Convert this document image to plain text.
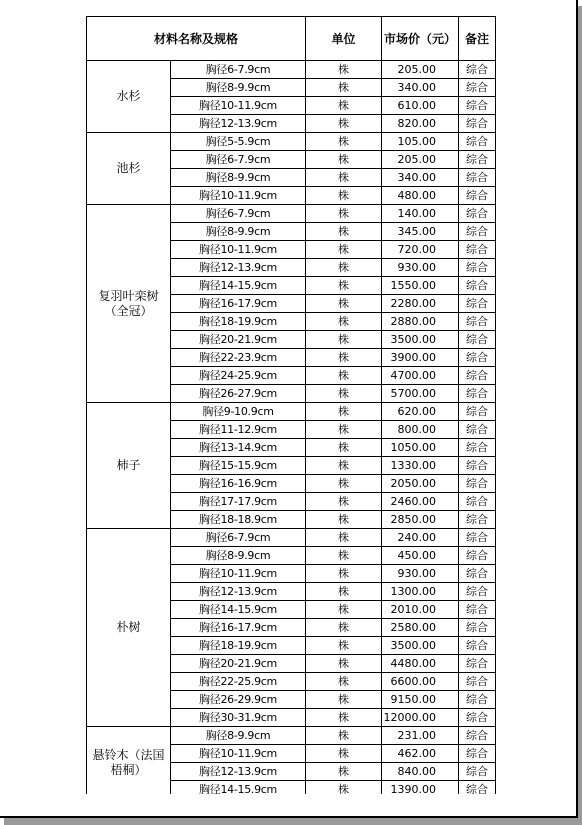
材料名称及规格		单位	市场价（元）	备注
水杉	胸径6-7.9cm	株	205.00	综合
	胸径8-9.9cm	株	340.00	综合
	胸径10-11.9cm	株	610.00	综合
	胸径12-13.9cm	株	820.00	综合
池杉	胸径5-5.9cm	株	105.00	综合
	胸径6-7.9cm	株	205.00	综合
	胸径8-9.9cm	株	340.00	综合
	胸径10-11.9cm	株	480.00	综合
复羽叶栾树（全冠）	胸径6-7.9cm	株	140.00	综合
	胸径8-9.9cm	株	345.00	综合
	胸径10-11.9cm	株	720.00	综合
	胸径12-13.9cm	株	930.00	综合
	胸径14-15.9cm	株	1550.00	综合
	胸径16-17.9cm	株	2280.00	综合
	胸径18-19.9cm	株	2880.00	综合
	胸径20-21.9cm	株	3500.00	综合
	胸径22-23.9cm	株	3900.00	综合
	胸径24-25.9cm	株	4700.00	综合
	胸径26-27.9cm	株	5700.00	综合
柿子	胸径9-10.9cm	株	620.00	综合
	胸径11-12.9cm	株	800.00	综合
	胸径13-14.9cm	株	1050.00	综合
	胸径15-15.9cm	株	1330.00	综合
	胸径16-16.9cm	株	2050.00	综合
	胸径17-17.9cm	株	2460.00	综合
	胸径18-18.9cm	株	2850.00	综合
朴树	胸径6-7.9cm	株	240.00	综合
	胸径8-9.9cm	株	450.00	综合
	胸径10-11.9cm	株	930.00	综合
	胸径12-13.9cm	株	1300.00	综合
	胸径14-15.9cm	株	2010.00	综合
	胸径16-17.9cm	株	2580.00	综合
	胸径18-19.9cm	株	3500.00	综合
	胸径20-21.9cm	株	4480.00	综合
	胸径22-25.9cm	株	6600.00	综合
	胸径26-29.9cm	株	9150.00	综合
	胸径30-31.9cm	株	12000.00	综合
悬铃木（法国梧桐）	胸径8-9.9cm	株	231.00	综合
	胸径10-11.9cm	株	462.00	综合
	胸径12-13.9cm	株	840.00	综合
	胸径14-15.9cm	株	1390.00	综合
